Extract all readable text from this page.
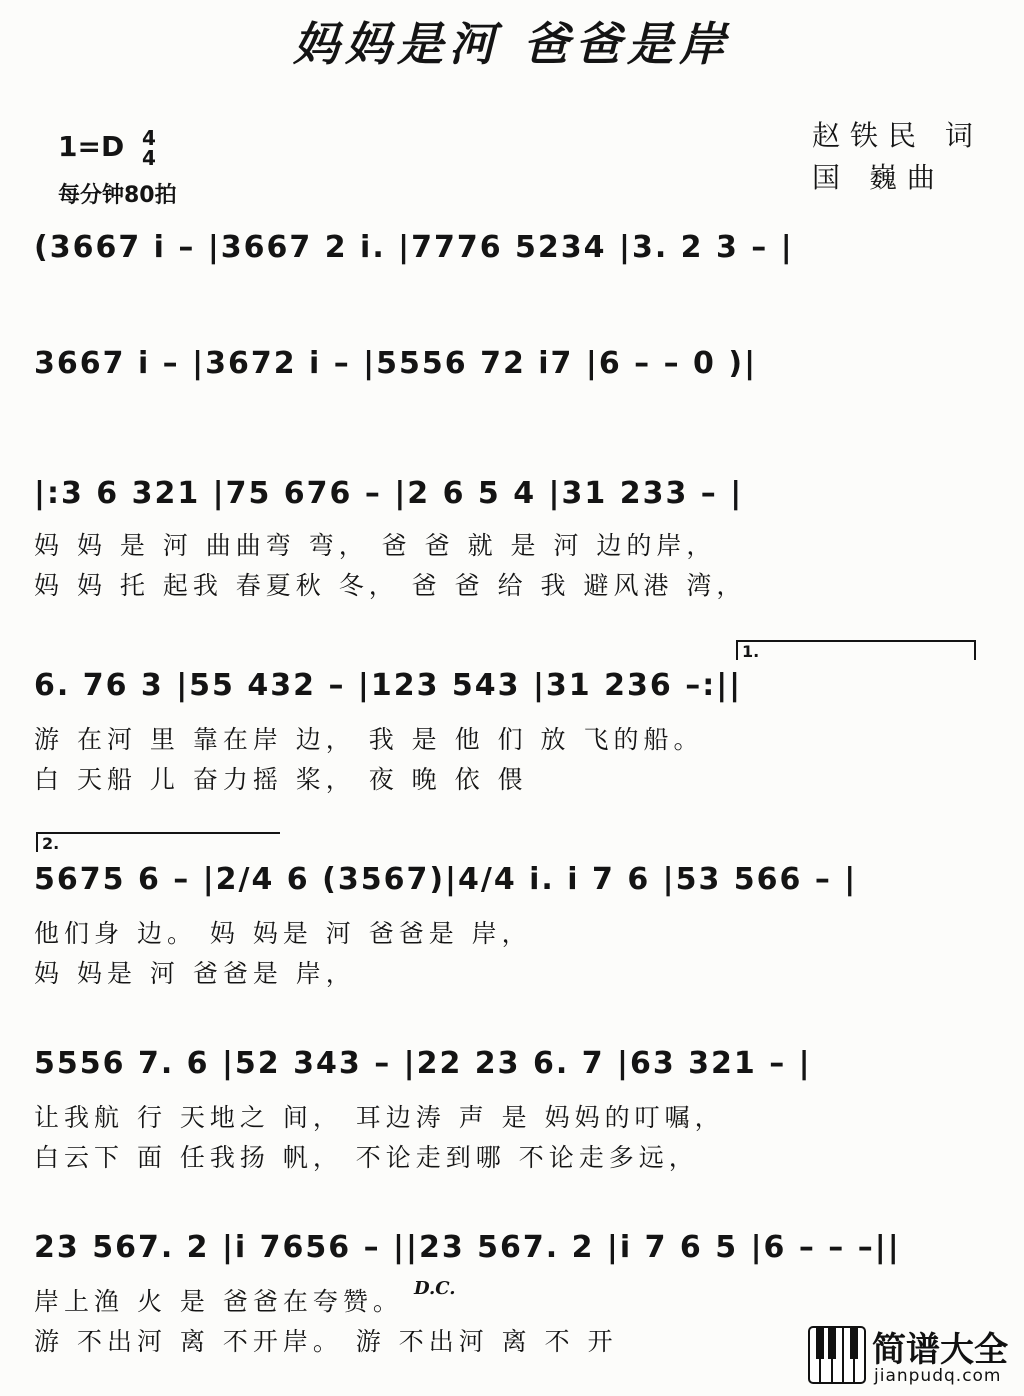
妈妈是河 爸爸是岸
1=D 4
4
每分钟80拍
赵铁民 词
国 巍曲
(3667 i – |3667 2 i. |7776 5234 |3. 2 3 – |
3667 i – |3672 i – |5556 72 i7 |6 – – 0 )|
|:3 6 321 |75 676 – |2 6 5 4 |31 233 – |
妈 妈 是 河 曲曲弯 弯， 爸 爸 就 是 河 边的岸，
妈 妈 托 起我 春夏秋 冬， 爸 爸 给 我 避风港 湾，
1.
6. 76 3 |55 432 – |123 543 |31 236 –:||
游 在河 里 靠在岸 边， 我 是 他 们 放 飞的船。
白 天船 儿 奋力摇 桨， 夜 晚 依 偎
2.
5675 6 – |2/4 6 (3567)|4/4 i. i 7 6 |53 566 – |
他们身 边。 妈 妈是 河 爸爸是 岸，
妈 妈是 河 爸爸是 岸，
5556 7. 6 |52 343 – |22 23 6. 7 |63 321 – |
让我航 行 天地之 间， 耳边涛 声 是 妈妈的叮嘱，
白云下 面 任我扬 帆， 不论走到哪 不论走多远，
23 567. 2 |i 7656 – ||23 567. 2 |i 7 6 5 |6 – – –||
岸上渔 火 是 爸爸在夸赞。 D.C.
游 不出河 离 不开岸。 游 不出河 离 不 开	简谱大全
jianpudq.com
